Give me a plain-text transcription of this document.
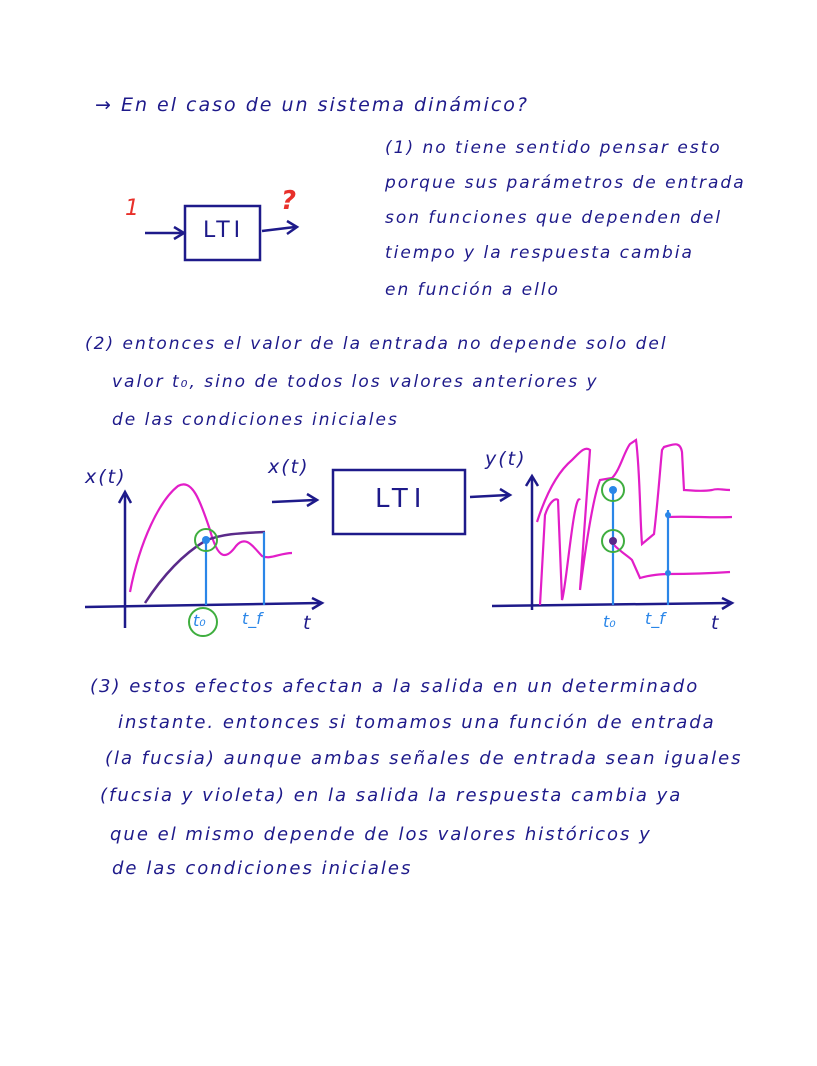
→ En el caso de un sistema dinámico?
(1) no tiene sentido pensar esto
porque sus parámetros de entrada
son funciones que dependen del
tiempo y la respuesta cambia
en función a ello
LTI
1	?
(2) entonces el valor de la entrada no depende solo del
valor t₀, sino de todos los valores anteriores y
de las condiciones iniciales
x(t)
t
t₀ t_f
x(t)
LTI
y(t)
t
t₀ t_f
(3) estos efectos afectan a la salida en un determinado
instante. entonces si tomamos una función de entrada
(la fucsia) aunque ambas señales de entrada sean iguales
(fucsia y violeta) en la salida la respuesta cambia ya
que el mismo depende de los valores históricos y
de las condiciones iniciales
